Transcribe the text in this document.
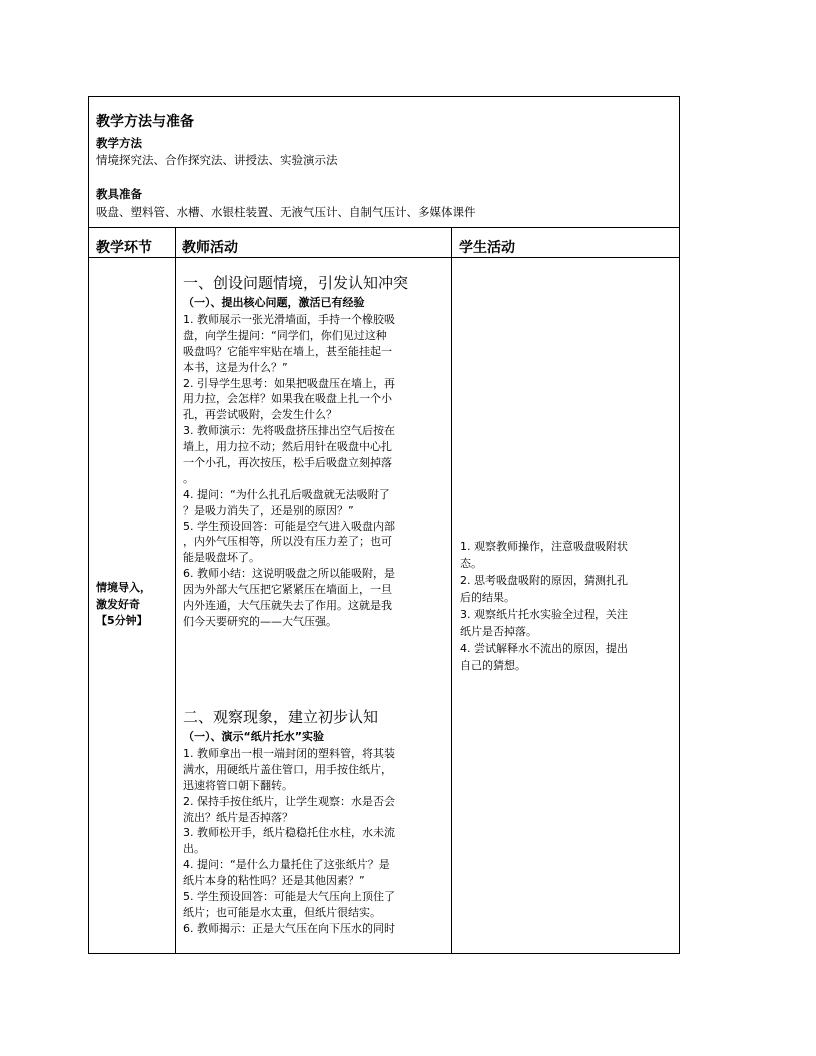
教学方法与准备
教学方法
情境探究法、合作探究法、讲授法、实验演示法
教具准备
吸盘、塑料管、水槽、水银柱装置、无液气压计、自制气压计、多媒体课件
教学环节 教师活动	学生活动
情境导入，
激发好奇
【5分钟】
一、创设问题情境，引发认知冲突
（一）、提出核心问题，激活已有经验
1. 教师展示一张光滑墙面，手持一个橡胶吸
盘，向学生提问：“同学们，你们见过这种
吸盘吗？它能牢牢贴在墙上，甚至能挂起一
本书，这是为什么？”
2. 引导学生思考：如果把吸盘压在墙上，再
用力拉，会怎样？如果我在吸盘上扎一个小
孔，再尝试吸附，会发生什么？
3. 教师演示：先将吸盘挤压排出空气后按在
墙上，用力拉不动；然后用针在吸盘中心扎
一个小孔，再次按压，松手后吸盘立刻掉落
。
4. 提问：“为什么扎孔后吸盘就无法吸附了
？是吸力消失了，还是别的原因？”
5. 学生预设回答：可能是空气进入吸盘内部
，内外气压相等，所以没有压力差了；也可
能是吸盘坏了。
6. 教师小结：这说明吸盘之所以能吸附，是
因为外部大气压把它紧紧压在墙面上，一旦
内外连通，大气压就失去了作用。这就是我
们今天要研究的——大气压强。
二、观察现象，建立初步认知
（一）、演示“纸片托水”实验
1. 教师拿出一根一端封闭的塑料管，将其装
满水，用硬纸片盖住管口，用手按住纸片，
迅速将管口朝下翻转。
2. 保持手按住纸片，让学生观察：水是否会
流出？纸片是否掉落？
3. 教师松开手，纸片稳稳托住水柱，水未流
出。
4. 提问：“是什么力量托住了这张纸片？是
纸片本身的粘性吗？还是其他因素？”
5. 学生预设回答：可能是大气压向上顶住了
纸片；也可能是水太重，但纸片很结实。
6. 教师揭示：正是大气压在向下压水的同时
1. 观察教师操作，注意吸盘吸附状
态。
2. 思考吸盘吸附的原因，猜测扎孔
后的结果。
3. 观察纸片托水实验全过程，关注
纸片是否掉落。
4. 尝试解释水不流出的原因，提出
自己的猜想。
